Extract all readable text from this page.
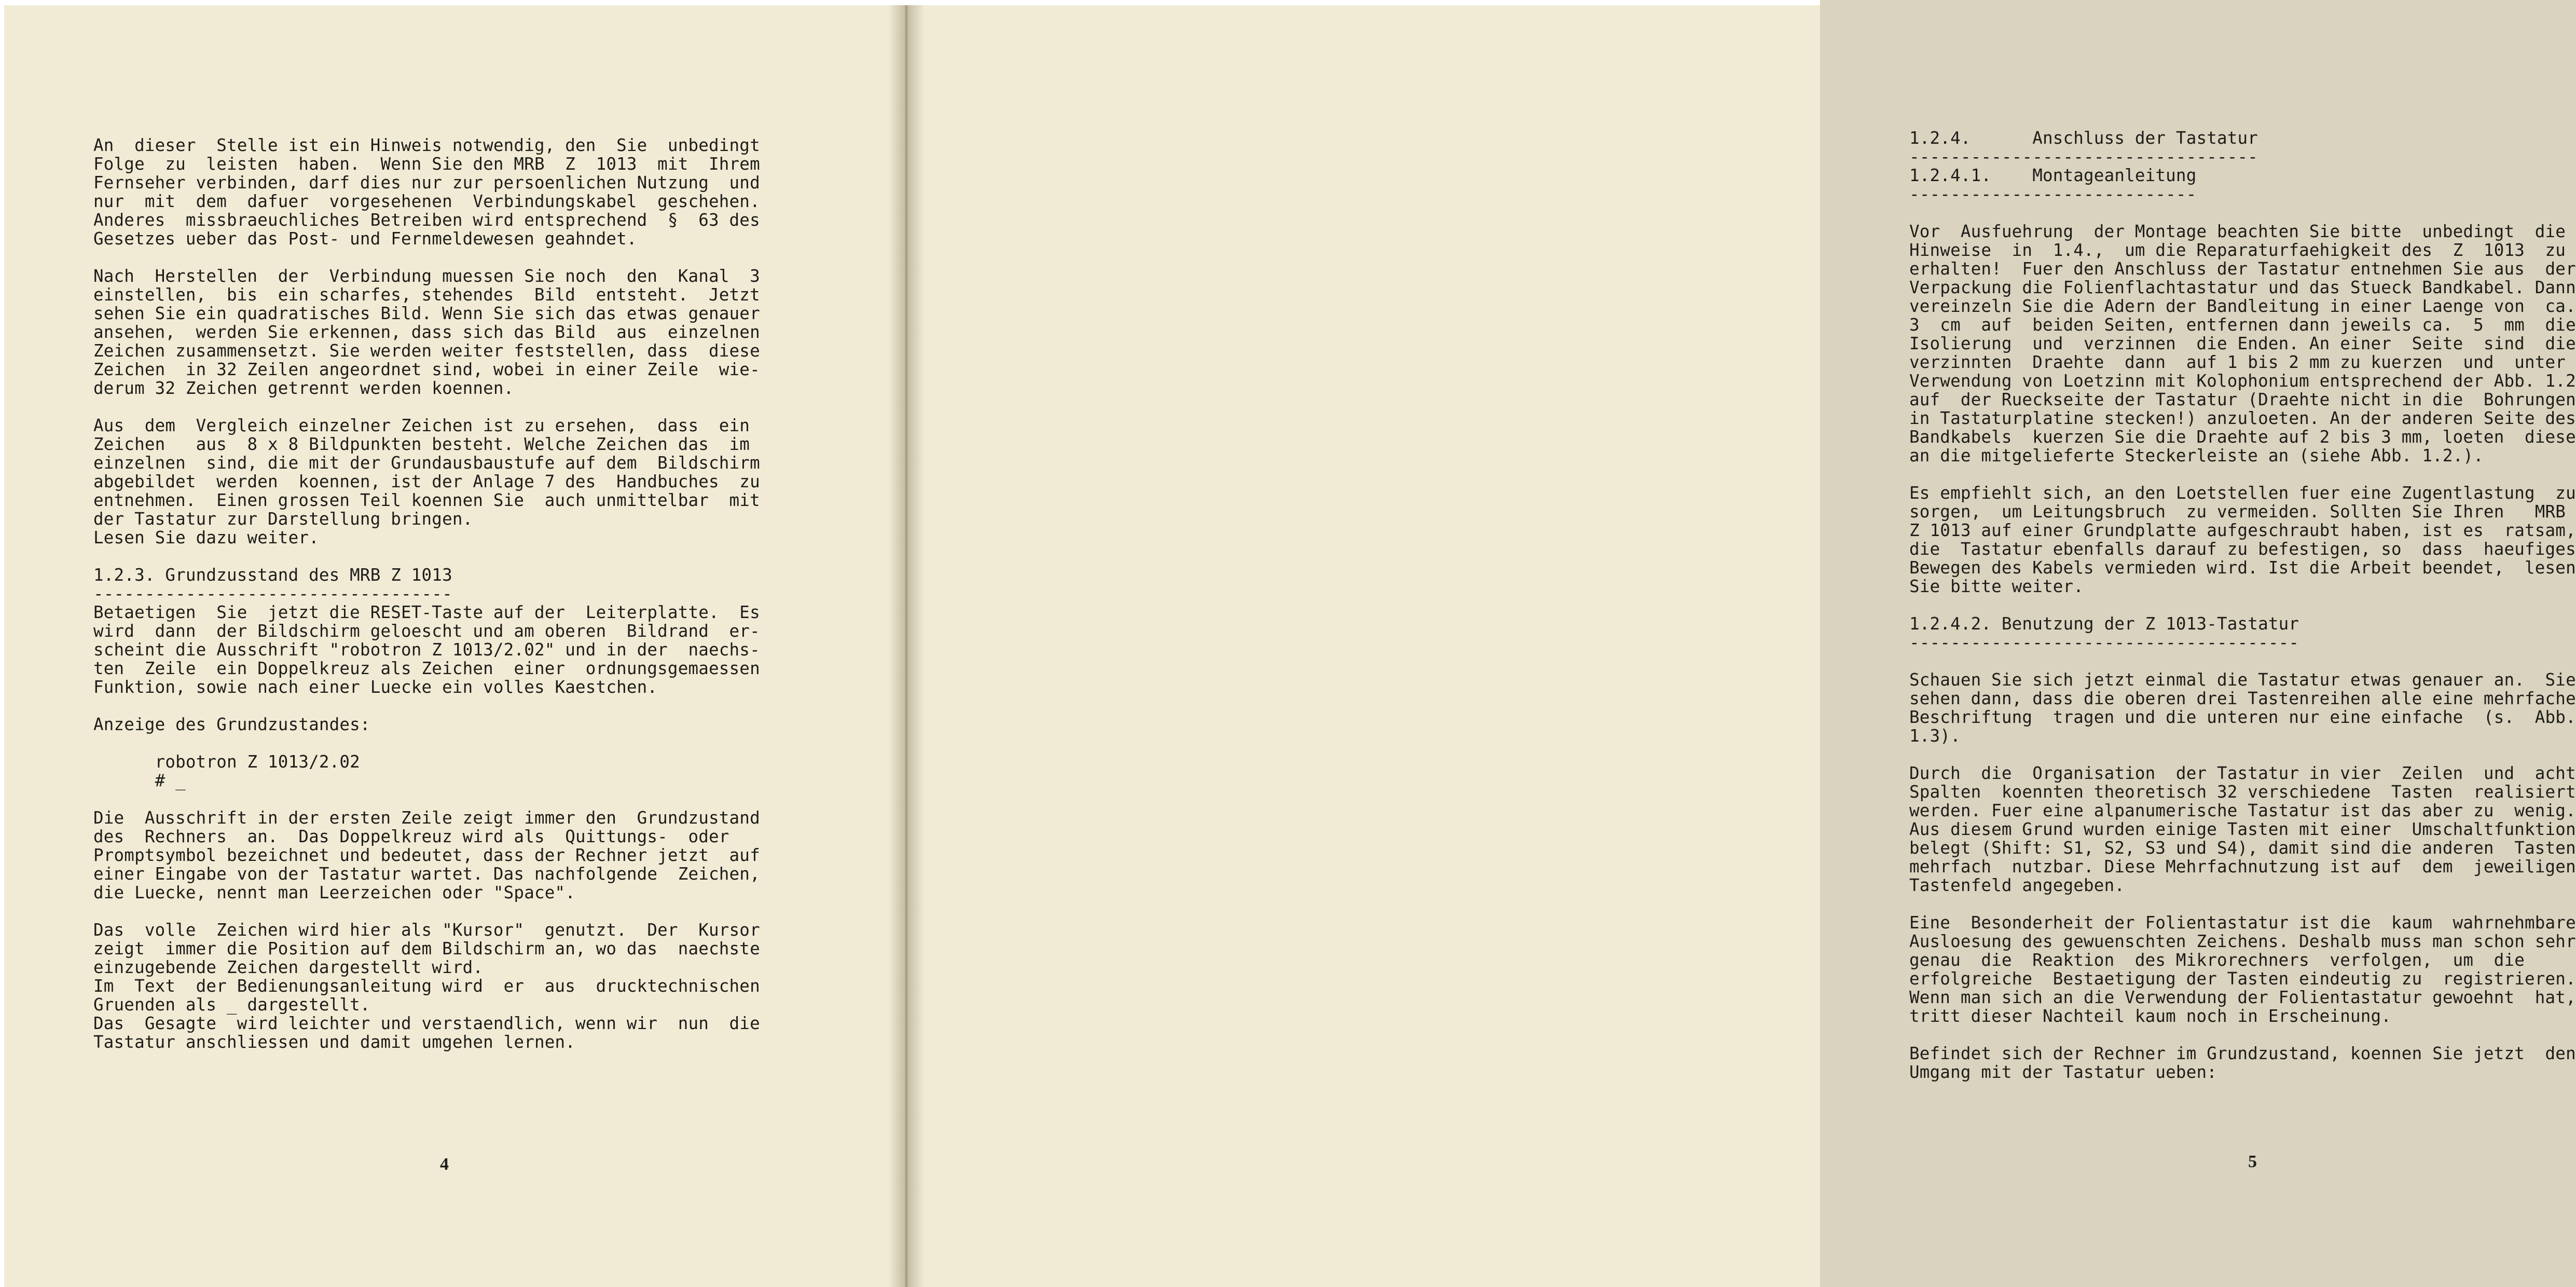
An  dieser  Stelle ist ein Hinweis notwendig, den  Sie  unbedingt
Folge  zu  leisten  haben.  Wenn Sie den MRB  Z  1013  mit  Ihrem
Fernseher verbinden, darf dies nur zur persoenlichen Nutzung  und
nur  mit  dem  dafuer  vorgesehenen  Verbindungskabel  geschehen.
Anderes  missbraeuchliches Betreiben wird entsprechend  §  63 des
Gesetzes ueber das Post- und Fernmeldewesen geahndet.

Nach  Herstellen  der  Verbindung muessen Sie noch  den  Kanal  3
einstellen,  bis  ein scharfes, stehendes  Bild  entsteht.  Jetzt
sehen Sie ein quadratisches Bild. Wenn Sie sich das etwas genauer
ansehen,  werden Sie erkennen, dass sich das Bild  aus  einzelnen
Zeichen zusammensetzt. Sie werden weiter feststellen, dass  diese
Zeichen  in 32 Zeilen angeordnet sind, wobei in einer Zeile  wie-
derum 32 Zeichen getrennt werden koennen.

Aus  dem  Vergleich einzelner Zeichen ist zu ersehen,  dass  ein
Zeichen   aus  8 x 8 Bildpunkten besteht. Welche Zeichen das  im
einzelnen  sind, die mit der Grundausbaustufe auf dem  Bildschirm
abgebildet  werden  koennen, ist der Anlage 7 des  Handbuches  zu
entnehmen.  Einen grossen Teil koennen Sie  auch unmittelbar  mit
der Tastatur zur Darstellung bringen.
Lesen Sie dazu weiter.

1.2.3. Grundzusstand des MRB Z 1013
-----------------------------------
Betaetigen  Sie  jetzt die RESET-Taste auf der  Leiterplatte.  Es
wird  dann  der Bildschirm geloescht und am oberen  Bildrand  er-
scheint die Ausschrift "robotron Z 1013/2.02" und in der  naechs-
ten  Zeile  ein Doppelkreuz als Zeichen  einer  ordnungsgemaessen
Funktion, sowie nach einer Luecke ein volles Kaestchen.

Anzeige des Grundzustandes:

robotron Z 1013/2.02
# _

Die  Ausschrift in der ersten Zeile zeigt immer den  Grundzustand
des  Rechners  an.  Das Doppelkreuz wird als  Quittungs-  oder
Promptsymbol bezeichnet und bedeutet, dass der Rechner jetzt  auf
einer Eingabe von der Tastatur wartet. Das nachfolgende  Zeichen,
die Luecke, nennt man Leerzeichen oder "Space".

Das  volle  Zeichen wird hier als "Kursor"  genutzt.  Der  Kursor
zeigt  immer die Position auf dem Bildschirm an, wo das  naechste
einzugebende Zeichen dargestellt wird.
Im  Text  der Bedienungsanleitung wird  er  aus  drucktechnischen
Gruenden als _ dargestellt.
Das  Gesagte  wird leichter und verstaendlich, wenn wir  nun  die
Tastatur anschliessen und damit umgehen lernen.
4
1.2.4.      Anschluss der Tastatur
----------------------------------
1.2.4.1.    Montageanleitung
----------------------------

Vor  Ausfuehrung  der Montage beachten Sie bitte  unbedingt  die
Hinweise  in  1.4.,  um die Reparaturfaehigkeit des  Z  1013  zu
erhalten!  Fuer den Anschluss der Tastatur entnehmen Sie aus  der
Verpackung die Folienflachtastatur und das Stueck Bandkabel. Dann
vereinzeln Sie die Adern der Bandleitung in einer Laenge von  ca.
3  cm  auf  beiden Seiten, entfernen dann jeweils ca.  5  mm  die
Isolierung  und  verzinnen  die Enden. An einer  Seite  sind  die
verzinnten  Draehte  dann  auf 1 bis 2 mm zu kuerzen  und  unter
Verwendung von Loetzinn mit Kolophonium entsprechend der Abb. 1.2
auf  der Rueckseite der Tastatur (Draehte nicht in die  Bohrungen
in Tastaturplatine stecken!) anzuloeten. An der anderen Seite des
Bandkabels  kuerzen Sie die Draehte auf 2 bis 3 mm, loeten  diese
an die mitgelieferte Steckerleiste an (siehe Abb. 1.2.).

Es empfiehlt sich, an den Loetstellen fuer eine Zugentlastung  zu
sorgen,  um Leitungsbruch  zu vermeiden. Sollten Sie Ihren   MRB
Z 1013 auf einer Grundplatte aufgeschraubt haben, ist es  ratsam,
die  Tastatur ebenfalls darauf zu befestigen, so  dass  haeufiges
Bewegen des Kabels vermieden wird. Ist die Arbeit beendet,  lesen
Sie bitte weiter.

1.2.4.2. Benutzung der Z 1013-Tastatur
--------------------------------------

Schauen Sie sich jetzt einmal die Tastatur etwas genauer an.  Sie
sehen dann, dass die oberen drei Tastenreihen alle eine mehrfache
Beschriftung  tragen und die unteren nur eine einfache  (s.  Abb.
1.3).

Durch  die  Organisation  der Tastatur in vier  Zeilen  und  acht
Spalten  koennten theoretisch 32 verschiedene  Tasten  realisiert
werden. Fuer eine alpanumerische Tastatur ist das aber zu  wenig.
Aus diesem Grund wurden einige Tasten mit einer  Umschaltfunktion
belegt (Shift: S1, S2, S3 und S4), damit sind die anderen  Tasten
mehrfach  nutzbar. Diese Mehrfachnutzung ist auf  dem  jeweiligen
Tastenfeld angegeben.

Eine  Besonderheit der Folientastatur ist die  kaum  wahrnehmbare
Ausloesung des gewuenschten Zeichens. Deshalb muss man schon sehr
genau  die  Reaktion  des Mikrorechners  verfolgen,  um  die
erfolgreiche  Bestaetigung der Tasten eindeutig zu  registrieren.
Wenn man sich an die Verwendung der Folientastatur gewoehnt  hat,
tritt dieser Nachteil kaum noch in Erscheinung.

Befindet sich der Rechner im Grundzustand, koennen Sie jetzt  den
Umgang mit der Tastatur ueben:
5
